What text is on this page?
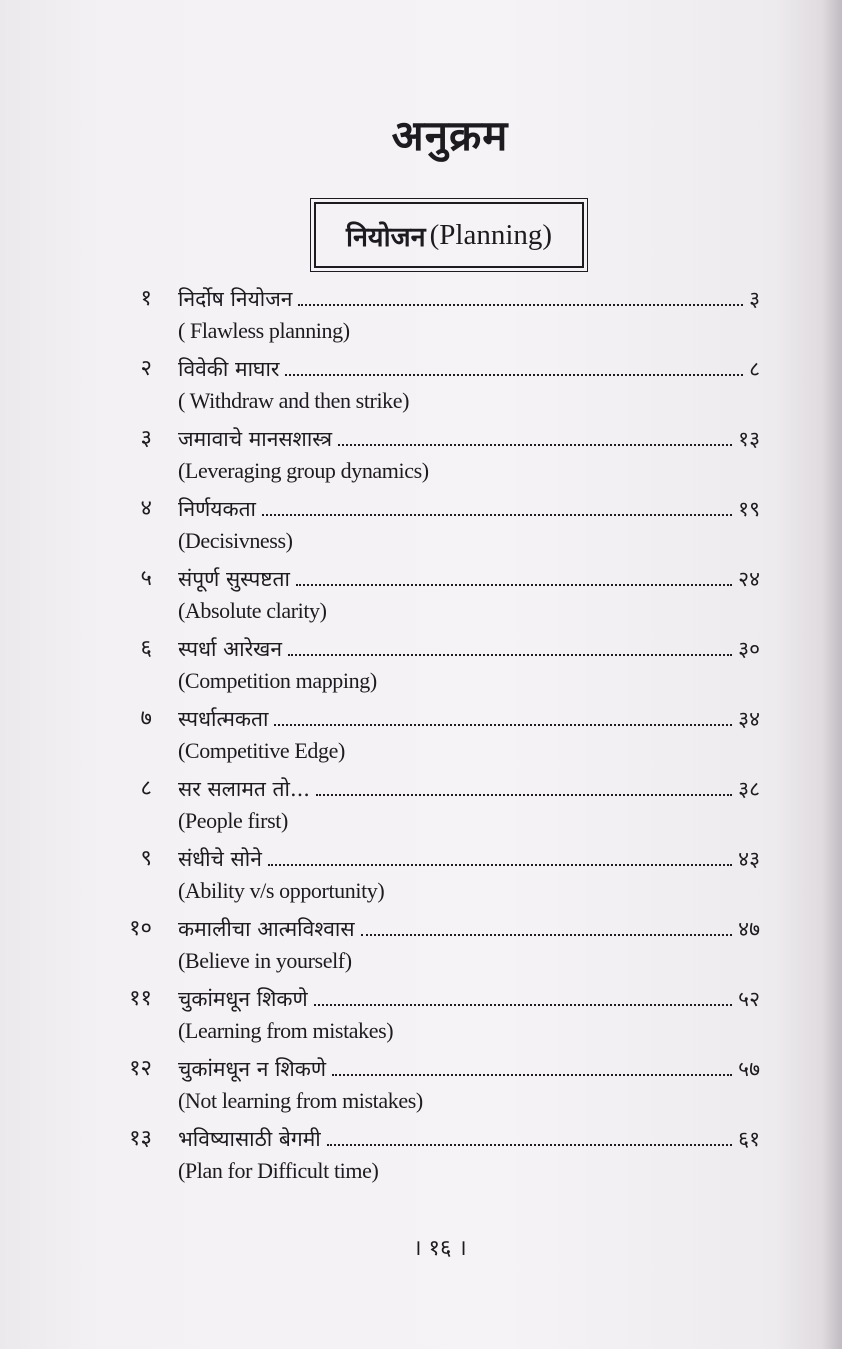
अनुक्रम
नियोजन (Planning)
१ निर्दोष नियोजन	३
( Flawless planning)
२ विवेकी माघार	८
( Withdraw and then strike)
३ जमावाचे मानसशास्त्र	१३
(Leveraging group dynamics)
४ निर्णयकता	१९
(Decisivness)
५ संपूर्ण सुस्पष्टता	२४
(Absolute clarity)
६ स्पर्धा आरेखन	३०
(Competition mapping)
७ स्पर्धात्मकता	३४
(Competitive Edge)
८ सर सलामत तो...	३८
(People first)
९ संधीचे सोने	४३
(Ability v/s opportunity)
१० कमालीचा आत्मविश्वास	४७
(Believe in yourself)
११ चुकांमधून शिकणे	५२
(Learning from mistakes)
१२ चुकांमधून न शिकणे	५७
(Not learning from mistakes)
१३ भविष्यासाठी बेगमी	६१
(Plan for Difficult time)
। १६ ।
